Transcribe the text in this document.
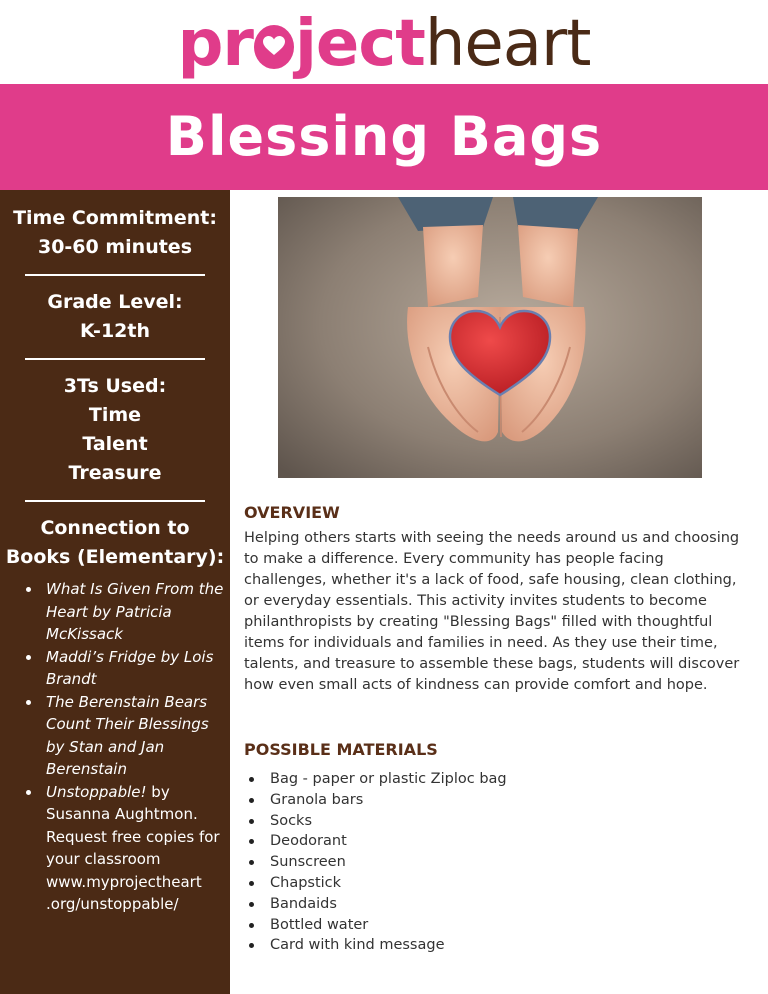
pr jectheart
Blessing Bags
Time Commitment:
30-60 minutes
Grade Level:
K-12th
3Ts Used:
Time
Talent
Treasure
Connection to
Books (Elementary):
What Is Given From the Heart by Patricia McKissack
Maddi’s Fridge by Lois Brandt
The Berenstain Bears Count Their Blessings by Stan and Jan Berenstain
Unstoppable! by Susanna Aughtmon. Request free copies for your classroom www.myprojectheart .org/unstoppable/
OVERVIEW

Helping others starts with seeing the needs around us and choosing to make a difference. Every community has people facing challenges, whether it's a lack of food, safe housing, clean clothing, or everyday essentials. This activity invites students to become philanthropists by creating "Blessing Bags" filled with thoughtful items for individuals and families in need. As they use their time, talents, and treasure to assemble these bags, students will discover how even small acts of kindness can provide comfort and hope.

POSSIBLE MATERIALS
Bag - paper or plastic Ziploc bag
Granola bars
Socks
Deodorant
Sunscreen
Chapstick
Bandaids
Bottled water
Card with kind message
